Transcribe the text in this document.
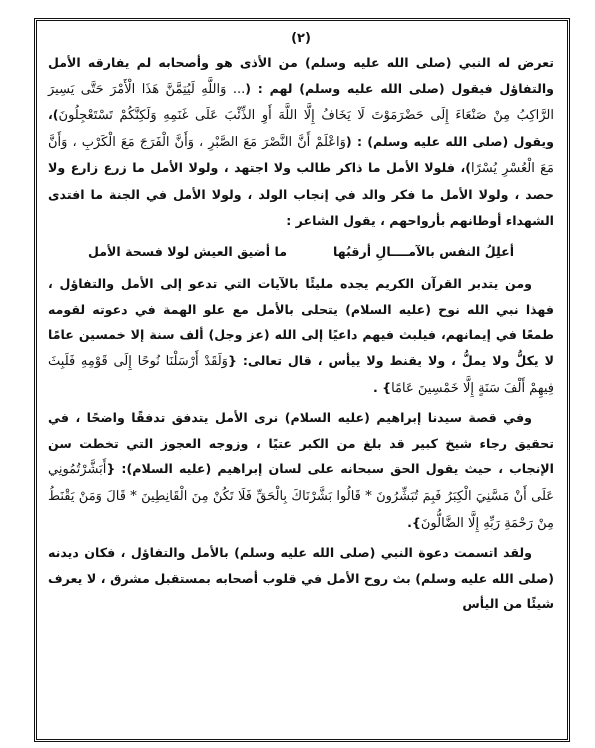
(٢)

تعرض له النبي (صلى الله عليه وسلم) من الأذى هو وأصحابه لم يفارقه الأمل والتفاؤل فيقول (صلى الله عليه وسلم) لهم : (... وَاللَّهِ لَيُتِمَّنَّ هَذَا الْأَمْرَ حَتَّى يَسِيرَ الرَّاكِبُ مِنْ صَنْعَاءَ إِلَى حَضْرَمَوْتَ لَا يَخَافُ إِلَّا اللَّهَ أَوِ الذِّئْبَ عَلَى غَنَمِهِ وَلَكِنَّكُمْ تَسْتَعْجِلُونَ)، ويقول (صلى الله عليه وسلم) : (وَاعْلَمْ أَنَّ النَّصْرَ مَعَ الصَّبْرِ ، وَأَنَّ الْفَرَجَ مَعَ الْكَرْبِ ، وَأَنَّ مَعَ الْعُسْرِ يُسْرًا)، فلولا الأمل ما ذاكر طالب ولا اجتهد ، ولولا الأمل ما زرع زارع ولا حصد ، ولولا الأمل ما فكر والد في إنجاب الولد ، ولولا الأمل في الجنة ما افتدى الشهداء أوطانهم بأرواحهم ، يقول الشاعر :

أعلِلُ النفس بالآمــــالِ أرقبُها
ما أضيق العيش لولا فسحة الأمل

ومن يتدبر القرآن الكريم يجده مليئًا بالآيات التي تدعو إلى الأمل والتفاؤل ، فهذا نبي الله نوح (عليه السلام) يتحلى بالأمل مع علو الهمة في دعوته لقومه طمعًا في إيمانهم، فيلبث فيهم داعيًا إلى الله (عز وجل) ألف سنة إلا خمسين عامًا لا يكلُّ ولا يملُّ ، ولا يقنط ولا ييأس ، قال تعالى: {وَلَقَدْ أَرْسَلْنَا نُوحًا إِلَى قَوْمِهِ فَلَبِثَ فِيهِمْ أَلْفَ سَنَةٍ إِلَّا خَمْسِينَ عَامًا} .

وفي قصة سيدنا إبراهيم (عليه السلام) نرى الأمل يتدفق تدفقًا واضحًا ، في تحقيق رجاء شيخ كبير قد بلغ من الكبر عتيًا ، وزوجه العجوز التي تخطت سن الإنجاب ، حيث يقول الحق سبحانه على لسان إبراهيم (عليه السلام): {أَبَشَّرْتُمُونِي عَلَى أَنْ مَسَّنِيَ الْكِبَرُ فَبِمَ تُبَشِّرُونَ * قَالُوا بَشَّرْنَاكَ بِالْحَقِّ فَلَا تَكُنْ مِنَ الْقَانِطِينَ * قَالَ وَمَنْ يَقْنَطُ مِنْ رَحْمَةِ رَبِّهِ إِلَّا الضَّالُّونَ}.

ولقد اتسمت دعوة النبي (صلى الله عليه وسلم) بالأمل والتفاؤل ، فكان ديدنه (صلى الله عليه وسلم) بث روح الأمل في قلوب أصحابه بمستقبل مشرق ، لا يعرف شيئًا من اليأس
